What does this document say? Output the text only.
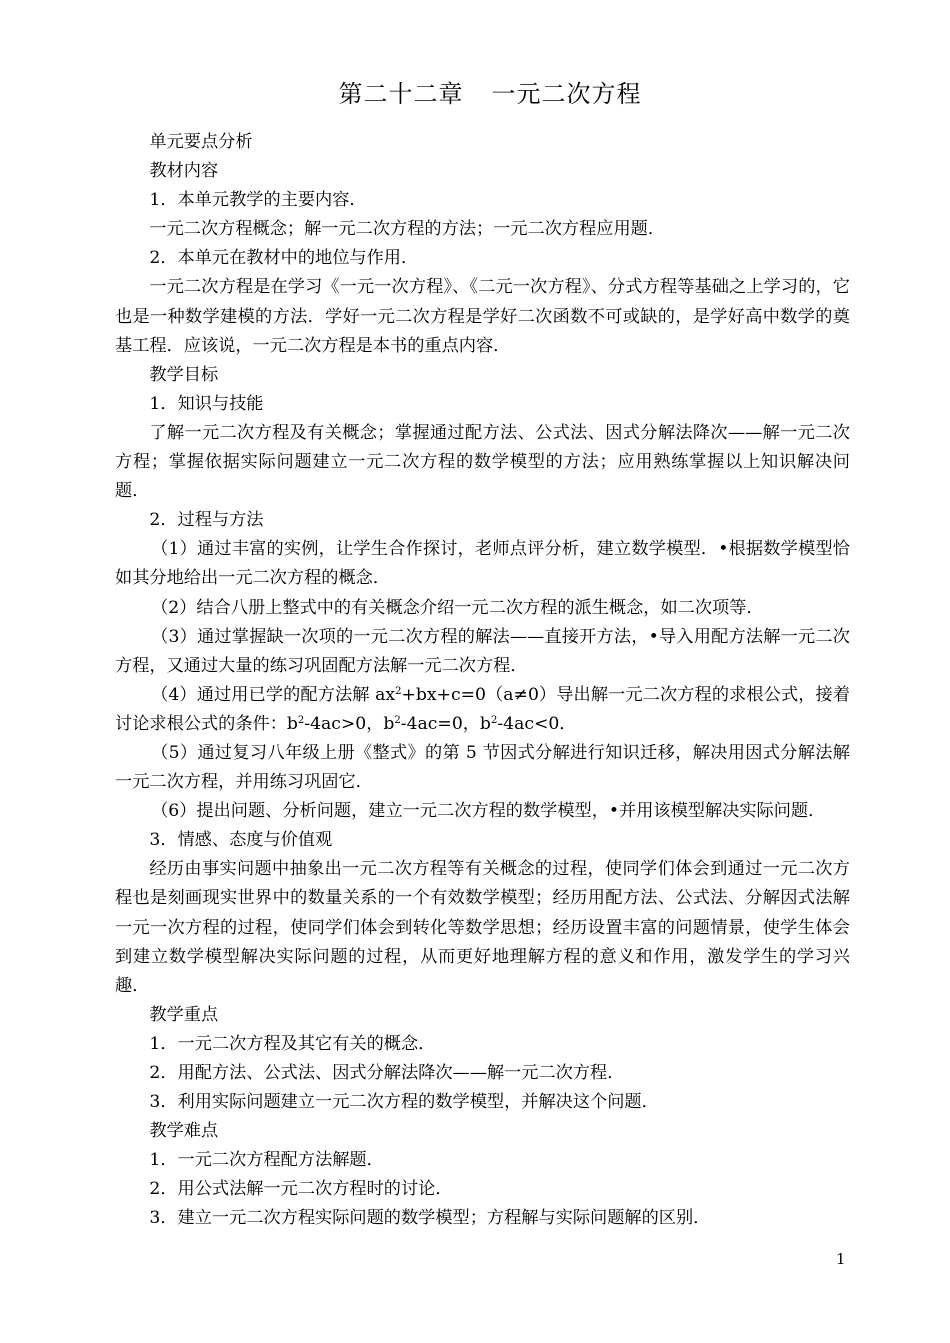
第二十二章 一元二次方程

单元要点分析

教材内容

1．本单元教学的主要内容．

一元二次方程概念；解一元二次方程的方法；一元二次方程应用题．

2．本单元在教材中的地位与作用．

一元二次方程是在学习《一元一次方程》、《二元一次方程》、分式方程等基础之上学习的，它也是一种数学建模的方法．学好一元二次方程是学好二次函数不可或缺的，是学好高中数学的奠基工程．应该说，一元二次方程是本书的重点内容．

教学目标

1．知识与技能

了解一元二次方程及有关概念；掌握通过配方法、公式法、因式分解法降次——解一元二次方程；掌握依据实际问题建立一元二次方程的数学模型的方法；应用熟练掌握以上知识解决问题．

2．过程与方法

（1）通过丰富的实例，让学生合作探讨，老师点评分析，建立数学模型．•根据数学模型恰如其分地给出一元二次方程的概念．

（2）结合八册上整式中的有关概念介绍一元二次方程的派生概念，如二次项等．

（3）通过掌握缺一次项的一元二次方程的解法——直接开方法，•导入用配方法解一元二次方程，又通过大量的练习巩固配方法解一元二次方程．

（4）通过用已学的配方法解 $ax^2+bx+c=0(a\ne 0)$导出解一元二次方程的求根公式，接着讨论求根公式的条件：$b^2-4ac>0$，$b^2-4ac=0$，$b^2-4ac<0$．

（5）通过复习八年级上册《整式》的第 5 节因式分解进行知识迁移，解决用因式分解法解一元二次方程，并用练习巩固它．

（6）提出问题、分析问题，建立一元二次方程的数学模型，•并用该模型解决实际问题．

3．情感、态度与价值观

经历由事实问题中抽象出一元二次方程等有关概念的过程，使同学们体会到通过一元二次方程也是刻画现实世界中的数量关系的一个有效数学模型；经历用配方法、公式法、分解因式法解一元一次方程的过程，使同学们体会到转化等数学思想；经历设置丰富的问题情景，使学生体会到建立数学模型解决实际问题的过程，从而更好地理解方程的意义和作用，激发学生的学习兴趣．

教学重点

1．一元二次方程及其它有关的概念．

2．用配方法、公式法、因式分解法降次——解一元二次方程．

3．利用实际问题建立一元二次方程的数学模型，并解决这个问题．

教学难点

1．一元二次方程配方法解题．

2．用公式法解一元二次方程时的讨论．

3．建立一元二次方程实际问题的数学模型；方程解与实际问题解的区别．

1
